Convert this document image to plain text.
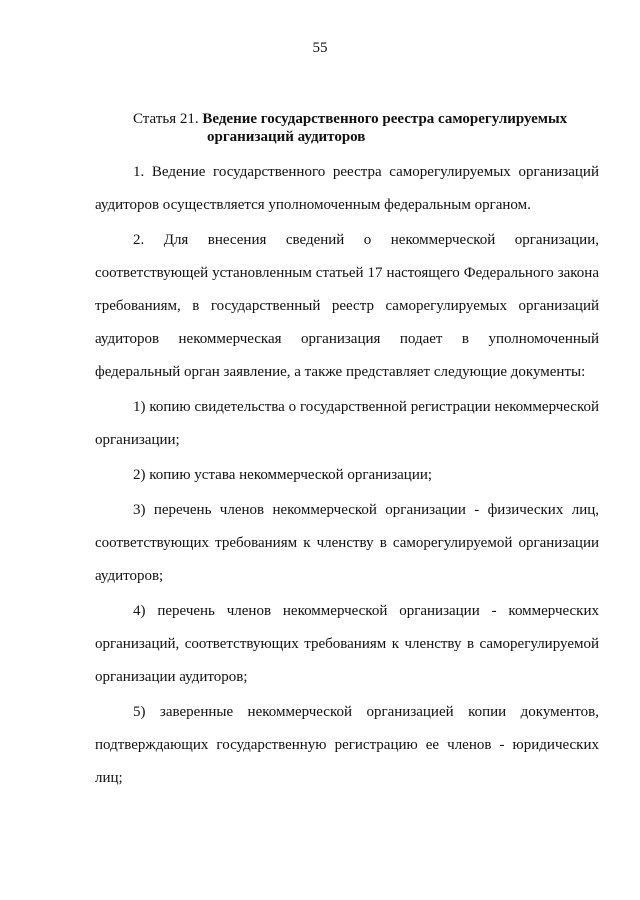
55
Статья 21. Ведение государственного реестра саморегулируемых
организаций аудиторов

1. Ведение государственного реестра саморегулируемых организаций аудиторов осуществляется уполномоченным федеральным органом.

2. Для внесения сведений о некоммерческой организации, соответствующей установленным статьей 17 настоящего Федерального закона требованиям, в государственный реестр саморегулируемых организаций аудиторов некоммерческая организация подает в уполномоченный федеральный орган заявление, а также представляет следующие документы:

1) копию свидетельства о государственной регистрации некоммерческой организации;

2) копию устава некоммерческой организации;

3) перечень членов некоммерческой организации - физических лиц, соответствующих требованиям к членству в саморегулируемой организации аудиторов;

4) перечень членов некоммерческой организации - коммерческих организаций, соответствующих требованиям к членству в саморегулируемой организации аудиторов;

5) заверенные некоммерческой организацией копии документов, подтверждающих государственную регистрацию ее членов - юридических лиц;
